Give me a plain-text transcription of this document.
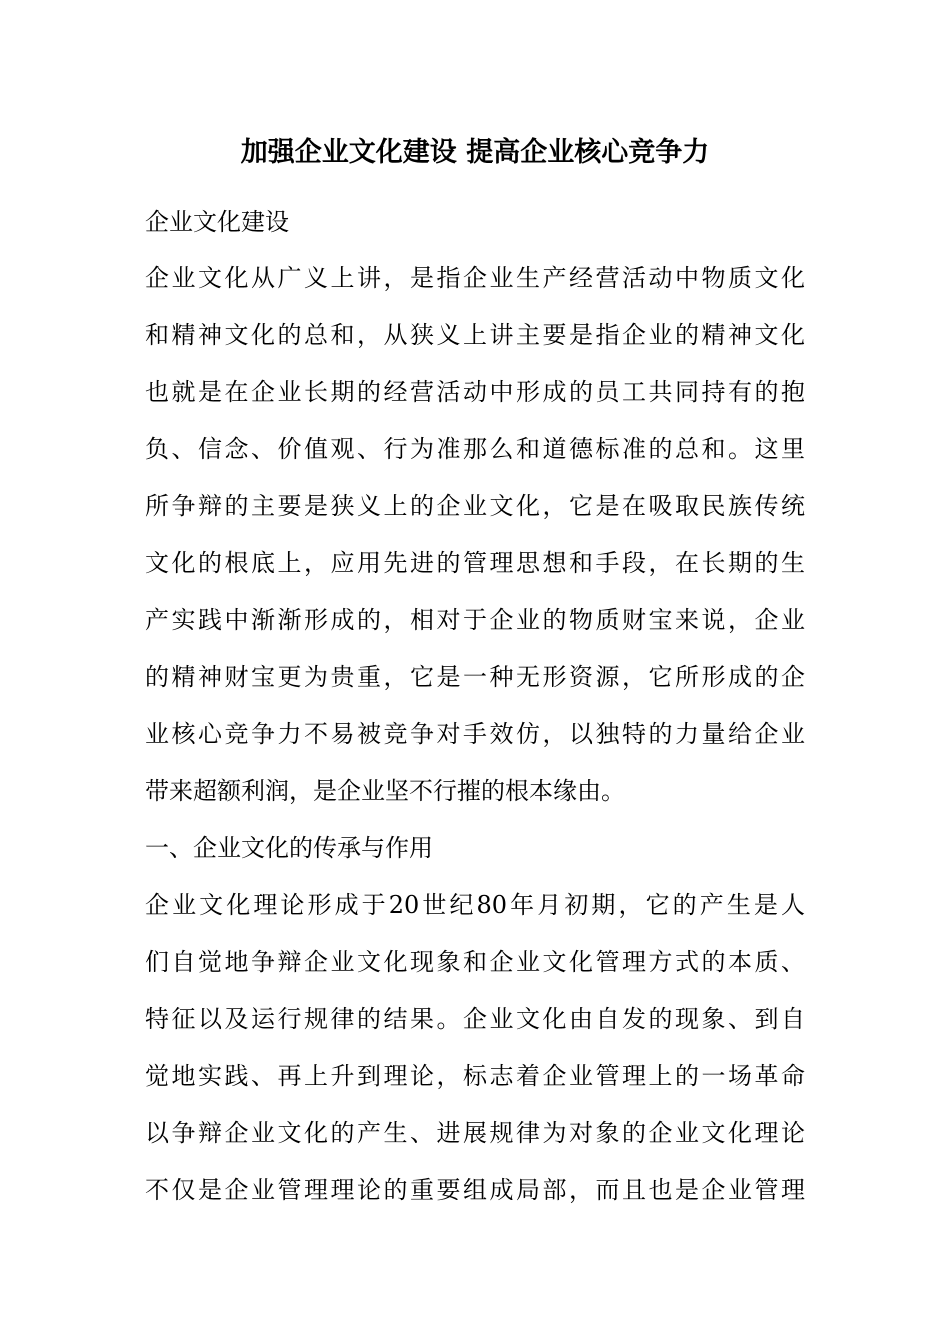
加强企业文化建设 提高企业核心竞争力

企业文化建设

企业文化从广义上讲，是指企业生产经营活动中物质文化

和精神文化的总和，从狭义上讲主要是指企业的精神文化

也就是在企业长期的经营活动中形成的员工共同持有的抱

负、信念、价值观、行为准那么和道德标准的总和。这里

所争辩的主要是狭义上的企业文化，它是在吸取民族传统

文化的根底上，应用先进的管理思想和手段，在长期的生

产实践中渐渐形成的，相对于企业的物质财宝来说，企业

的精神财宝更为贵重，它是一种无形资源，它所形成的企

业核心竞争力不易被竞争对手效仿，以独特的力量给企业

带来超额利润，是企业坚不行摧的根本缘由。

一、企业文化的传承与作用

企业文化理论形成于20世纪80年月初期，它的产生是人

们自觉地争辩企业文化现象和企业文化管理方式的本质、

特征以及运行规律的结果。企业文化由自发的现象、到自

觉地实践、再上升到理论，标志着企业管理上的一场革命

以争辩企业文化的产生、进展规律为对象的企业文化理论

不仅是企业管理理论的重要组成局部，而且也是企业管理
